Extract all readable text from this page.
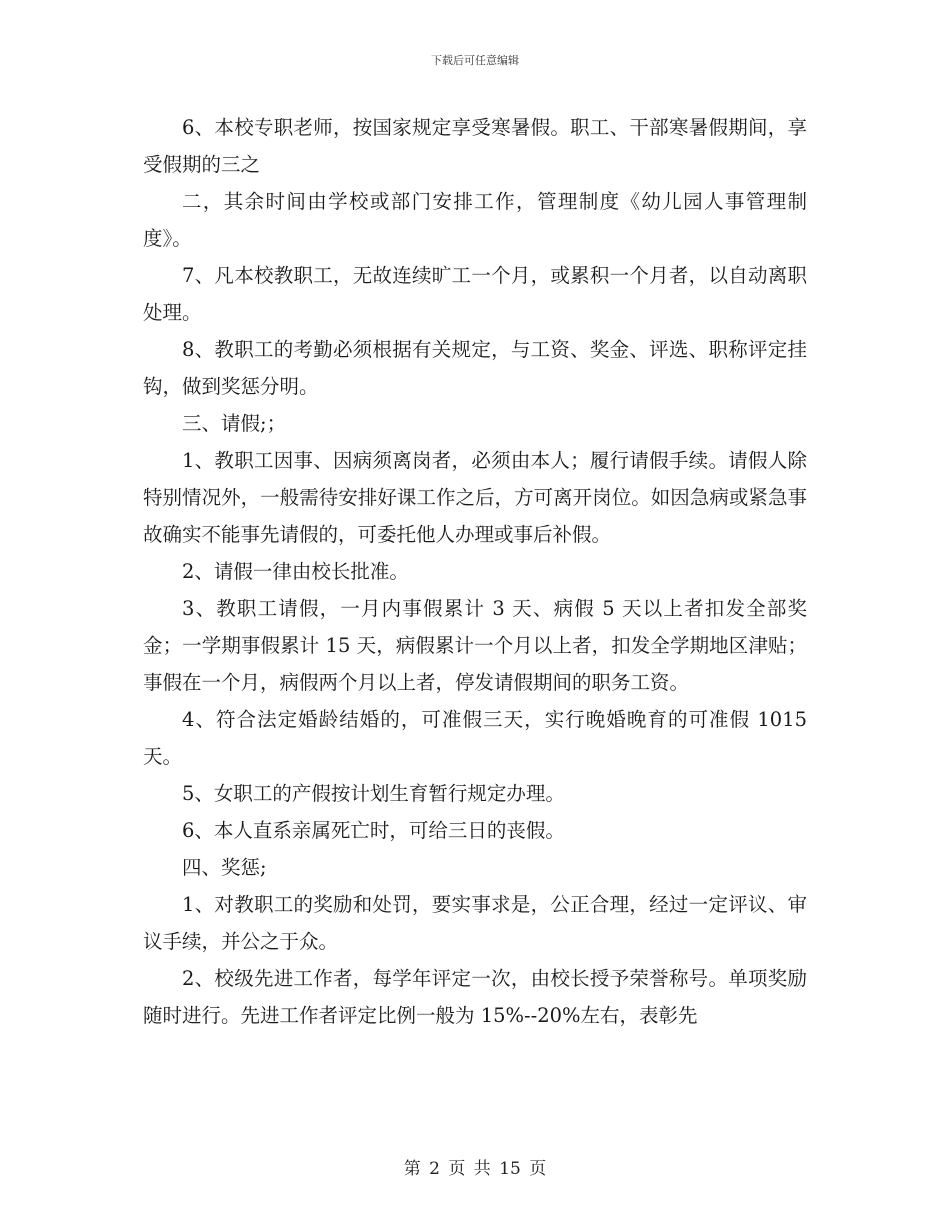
下载后可任意编辑

6、本校专职老师，按国家规定享受寒暑假。职工、干部寒暑假期间，享受假期的三之

二，其余时间由学校或部门安排工作，管理制度《幼儿园人事管理制度》。

7、凡本校教职工，无故连续旷工一个月，或累积一个月者，以自动离职处理。

8、教职工的考勤必须根据有关规定，与工资、奖金、评选、职称评定挂钩，做到奖惩分明。

三、请假;；

1、教职工因事、因病须离岗者，必须由本人；履行请假手续。请假人除特别情况外，一般需待安排好课工作之后，方可离开岗位。如因急病或紧急事故确实不能事先请假的，可委托他人办理或事后补假。

2、请假一律由校长批准。

3、教职工请假，一月内事假累计 3 天、病假 5 天以上者扣发全部奖金；一学期事假累计 15 天，病假累计一个月以上者，扣发全学期地区津贴；事假在一个月，病假两个月以上者，停发请假期间的职务工资。

4、符合法定婚龄结婚的，可准假三天，实行晚婚晚育的可准假 1015 天。

5、女职工的产假按计划生育暂行规定办理。

6、本人直系亲属死亡时，可给三日的丧假。

四、奖惩;

1、对教职工的奖励和处罚，要实事求是，公正合理，经过一定评议、审议手续，并公之于众。

2、校级先进工作者，每学年评定一次，由校长授予荣誉称号。单项奖励随时进行。先进工作者评定比例一般为 15%--20%左右，表彰先

第 2 页 共 15 页
